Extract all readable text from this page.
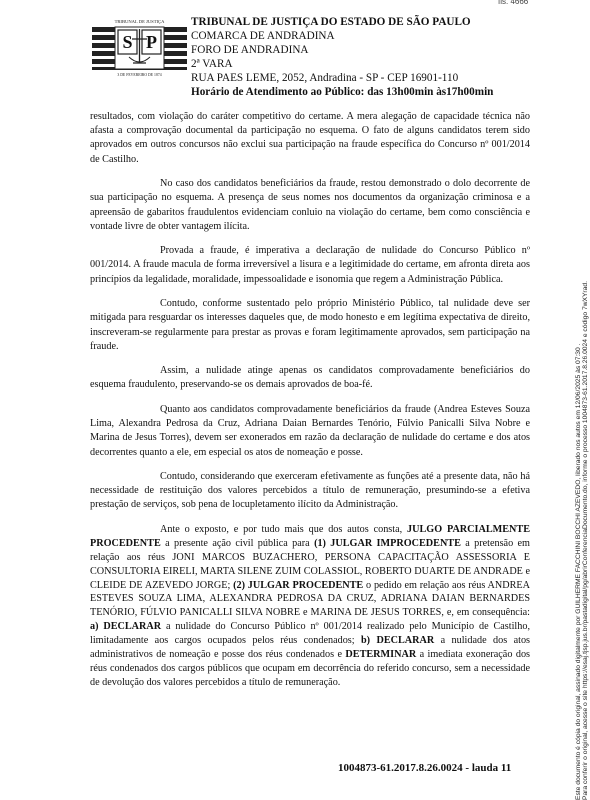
fls. 4666
S P
TRIBUNAL DE JUSTIÇA
3 DE FEVEREIRO DE 1874
TRIBUNAL DE JUSTIÇA DO ESTADO DE SÃO PAULO
COMARCA DE ANDRADINA
FORO DE ANDRADINA
2ª VARA
RUA PAES LEME, 2052, Andradina - SP - CEP 16901-110
Horário de Atendimento ao Público: das 13h00min às17h00min

resultados, com violação do caráter competitivo do certame. A mera alegação de capacidade técnica não afasta a comprovação documental da participação no esquema. O fato de alguns candidatos terem sido aprovados em outros concursos não exclui sua participação na fraude específica do Concurso nº 001/2014 de Castilho.

No caso dos candidatos beneficiários da fraude, restou demonstrado o dolo decorrente de sua participação no esquema. A presença de seus nomes nos documentos da organização criminosa e a apreensão de gabaritos fraudulentos evidenciam conluio na violação do certame, bem como consciência e vontade livre de obter vantagem ilícita.

Provada a fraude, é imperativa a declaração de nulidade do Concurso Público nº 001/2014. A fraude macula de forma irreversível a lisura e a legitimidade do certame, em afronta direta aos princípios da legalidade, moralidade, impessoalidade e isonomia que regem a Administração Pública.

Contudo, conforme sustentado pelo próprio Ministério Público, tal nulidade deve ser mitigada para resguardar os interesses daqueles que, de modo honesto e em legítima expectativa de direito, inscreveram-se regularmente para prestar as provas e foram legitimamente aprovados, sem participação na fraude.

Assim, a nulidade atinge apenas os candidatos comprovadamente beneficiários do esquema fraudulento, preservando-se os demais aprovados de boa-fé.

Quanto aos candidatos comprovadamente beneficiários da fraude (Andrea Esteves Souza Lima, Alexandra Pedrosa da Cruz, Adriana Daian Bernardes Tenório, Fúlvio Panicalli Silva Nobre e Marina de Jesus Torres), devem ser exonerados em razão da declaração de nulidade do certame e dos atos decorrentes quanto a ele, em especial os atos de nomeação e posse.

Contudo, considerando que exerceram efetivamente as funções até a presente data, não há necessidade de restituição dos valores percebidos a título de remuneração, presumindo-se a efetiva prestação de serviços, sob pena de locupletamento ilícito da Administração.

Ante o exposto, e por tudo mais que dos autos consta, JULGO PARCIALMENTE PROCEDENTE a presente ação civil pública para (1) JULGAR IMPROCEDENTE a pretensão em relação aos réus JONI MARCOS BUZACHERO, PERSONA CAPACITAÇÃO ASSESSORIA E CONSULTORIA EIRELI, MARTA SILENE ZUIM COLASSIOL, ROBERTO DUARTE DE ANDRADE e CLEIDE DE AZEVEDO JORGE; (2) JULGAR PROCEDENTE o pedido em relação aos réus ANDREA ESTEVES SOUZA LIMA, ALEXANDRA PEDROSA DA CRUZ, ADRIANA DAIAN BERNARDES TENÓRIO, FÚLVIO PANICALLI SILVA NOBRE e MARINA DE JESUS TORRES, e, em consequência: a) DECLARAR a nulidade do Concurso Público nº 001/2014 realizado pelo Município de Castilho, limitadamente aos cargos ocupados pelos réus condenados; b) DECLARAR a nulidade dos atos administrativos de nomeação e posse dos réus condenados e DETERMINAR a imediata exoneração dos réus condenados dos cargos públicos que ocupam em decorrência do referido concurso, sem a necessidade de devolução dos valores percebidos a título de remuneração.

1004873-61.2017.8.26.0024 - lauda 11	Este documento é cópia do original, assinado digitalmente por GUILHERME FACCHINI BOCCHI AZEVEDO, liberado nos autos em 12/06/2025 às 07:30 . Para conferir o original, acesse o site https://esaj.tjsp.jus.br/pastadigital/pg/abrirConferenciaDocumento.do, informe o processo 1004873-61.2017.8.26.0024 e código 7wXYrad.
